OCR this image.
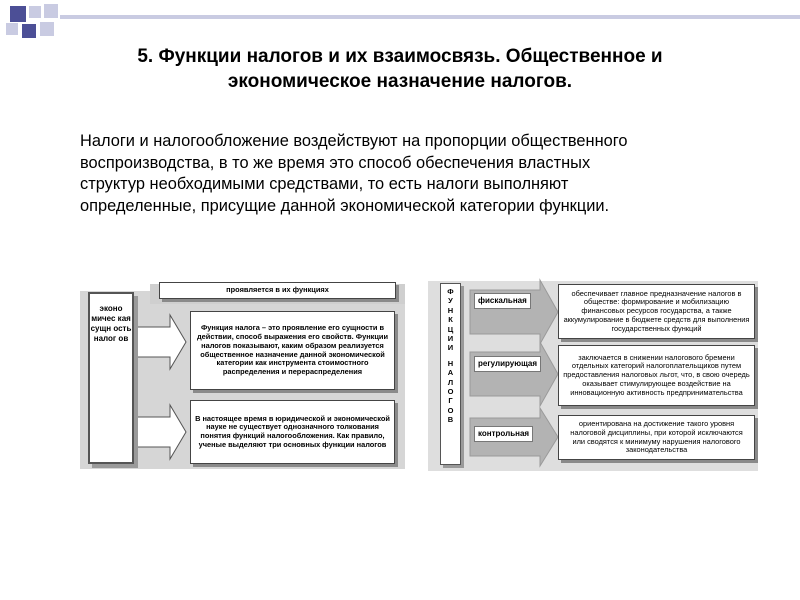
5. Функции налогов и их взаимосвязь. Общественное и
экономическое назначение налогов.
Налоги и налогообложение воздействуют на пропорции общественного
воспроизводства, в то же время это способ обеспечения властных
структур необходимыми средствами, то есть налоги выполняют
определенные, присущие данной экономической категории функции.
эконо мичес кая сущн ость налог ов
проявляется в их функциях
Функция налога – это проявление его сущности в действии, способ выражения его свойств. Функции налогов показывают, каким образом реализуется общественное назначение данной экономической категории как инструмента стоимостного распределения и перераспределения
В настоящее время в юридической и экономической науке не существует однозначного толкования понятия функций налогообложения. Как правило, ученые выделяют три основных функции налогов
Ф
У
Н
К
Ц
И
И
Н
А
Л
О
Г
О
В
фискальная
регулирующая
контрольная
обеспечивает главное предназначение налогов в обществе: формирование и мобилизацию финансовых ресурсов государства, а также аккумулирование в бюджете средств для выполнения государственных функций
заключается в снижении налогового бремени отдельных категорий налогоплательщиков путем предоставления налоговых льгот, что, в свою очередь оказывает стимулирующее воздействие на инновационную активность предпринимательства
ориентирована на достижение такого уровня налоговой дисциплины, при которой исключаются или сводятся к минимуму нарушения налогового законодательства
